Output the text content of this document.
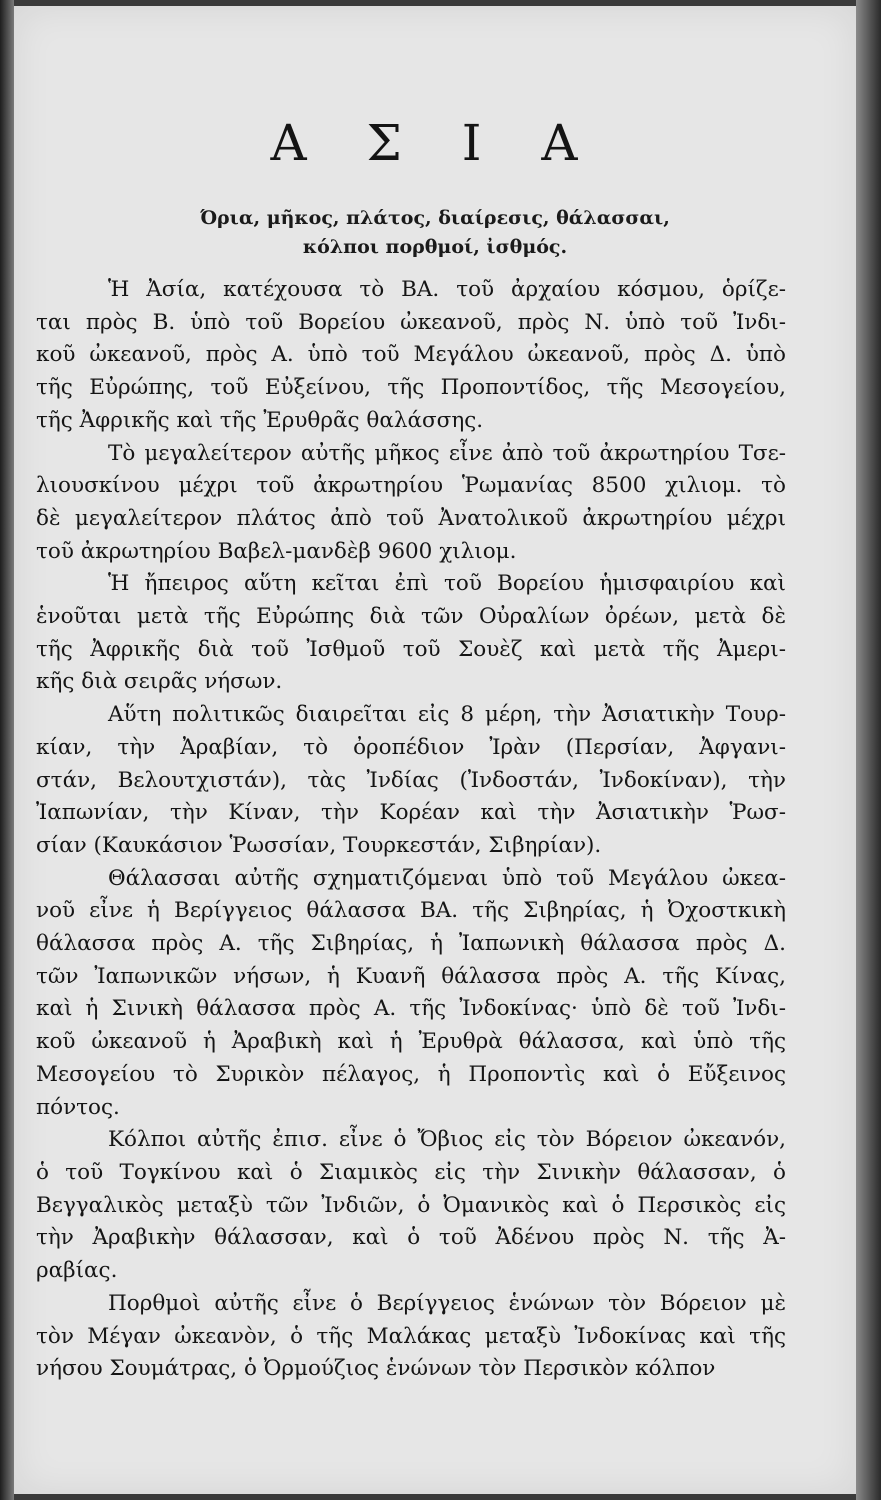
Α Σ Ι Α
Όρια, μῆκος, πλάτος, διαίρεσις, θάλασσαι,
κόλποι πορθμοί, ἰσθμός.
Ἡ Ἀσία, κατέχουσα τὸ ΒΑ. τοῦ ἀρχαίου κόσμου, ὁρίζε-
ται πρὸς Β. ὑπὸ τοῦ Βορείου ὠκεανοῦ, πρὸς Ν. ὑπὸ τοῦ Ἰνδι-
κοῦ ὠκεανοῦ, πρὸς Α. ὑπὸ τοῦ Μεγάλου ὠκεανοῦ, πρὸς Δ. ὑπὸ
τῆς Εὐρώπης, τοῦ Εὐξείνου, τῆς Προποντίδος, τῆς Μεσογείου,
τῆς Ἀφρικῆς καὶ τῆς Ἐρυθρᾶς θαλάσσης.
Τὸ μεγαλείτερον αὐτῆς μῆκος εἶνε ἀπὸ τοῦ ἀκρωτηρίου Τσε-
λιουσκίνου μέχρι τοῦ ἀκρωτηρίου Ῥωμανίας 8500 χιλιομ. τὸ
δὲ μεγαλείτερον πλάτος ἀπὸ τοῦ Ἀνατολικοῦ ἀκρωτηρίου μέχρι
τοῦ ἀκρωτηρίου Βαβελ-μανδὲβ 9600 χιλιομ.
Ἡ ἤπειρος αὕτη κεῖται ἐπὶ τοῦ Βορείου ἡμισφαιρίου καὶ
ἑνοῦται μετὰ τῆς Εὐρώπης διὰ τῶν Οὐραλίων ὀρέων, μετὰ δὲ
τῆς Ἀφρικῆς διὰ τοῦ Ἰσθμοῦ τοῦ Σουὲζ καὶ μετὰ τῆς Ἀμερι-
κῆς διὰ σειρᾶς νήσων.
Αὕτη πολιτικῶς διαιρεῖται εἰς 8 μέρη, τὴν Ἀσιατικὴν Τουρ-
κίαν, τὴν Ἀραβίαν, τὸ ὀροπέδιον Ἰρὰν (Περσίαν, Ἀφγανι-
στάν, Βελουτχιστάν), τὰς Ἰνδίας (Ἰνδοστάν, Ἰνδοκίναν), τὴν
Ἰαπωνίαν, τὴν Κίναν, τὴν Κορέαν καὶ τὴν Ἀσιατικὴν Ῥωσ-
σίαν (Καυκάσιον Ῥωσσίαν, Τουρκεστάν, Σιβηρίαν).
Θάλασσαι αὐτῆς σχηματιζόμεναι ὑπὸ τοῦ Μεγάλου ὠκεα-
νοῦ εἶνε ἡ Βερίγγειος θάλασσα ΒΑ. τῆς Σιβηρίας, ἡ Ὀχοστκικὴ
θάλασσα πρὸς Α. τῆς Σιβηρίας, ἡ Ἰαπωνικὴ θάλασσα πρὸς Δ.
τῶν Ἰαπωνικῶν νήσων, ἡ Κυανῆ θάλασσα πρὸς Α. τῆς Κίνας,
καὶ ἡ Σινικὴ θάλασσα πρὸς Α. τῆς Ἰνδοκίνας· ὑπὸ δὲ τοῦ Ἰνδι-
κοῦ ὠκεανοῦ ἡ Ἀραβικὴ καὶ ἡ Ἐρυθρὰ θάλασσα, καὶ ὑπὸ τῆς
Μεσογείου τὸ Συρικὸν πέλαγος, ἡ Προποντὶς καὶ ὁ Εὔξεινος
πόντος.
Κόλποι αὐτῆς ἐπισ. εἶνε ὁ Ὄβιος εἰς τὸν Βόρειον ὠκεανόν,
ὁ τοῦ Τογκίνου καὶ ὁ Σιαμικὸς εἰς τὴν Σινικὴν θάλασσαν, ὁ
Βεγγαλικὸς μεταξὺ τῶν Ἰνδιῶν, ὁ Ὀμανικὸς καὶ ὁ Περσικὸς εἰς
τὴν Ἀραβικὴν θάλασσαν, καὶ ὁ τοῦ Ἀδένου πρὸς Ν. τῆς Ἀ-
ραβίας.
Πορθμοὶ αὐτῆς εἶνε ὁ Βερίγγειος ἑνώνων τὸν Βόρειον μὲ
τὸν Μέγαν ὠκεανὸν, ὁ τῆς Μαλάκας μεταξὺ Ἰνδοκίνας καὶ τῆς
νήσου Σουμάτρας, ὁ Ὀρμούζιος ἑνώνων τὸν Περσικὸν κόλπον
